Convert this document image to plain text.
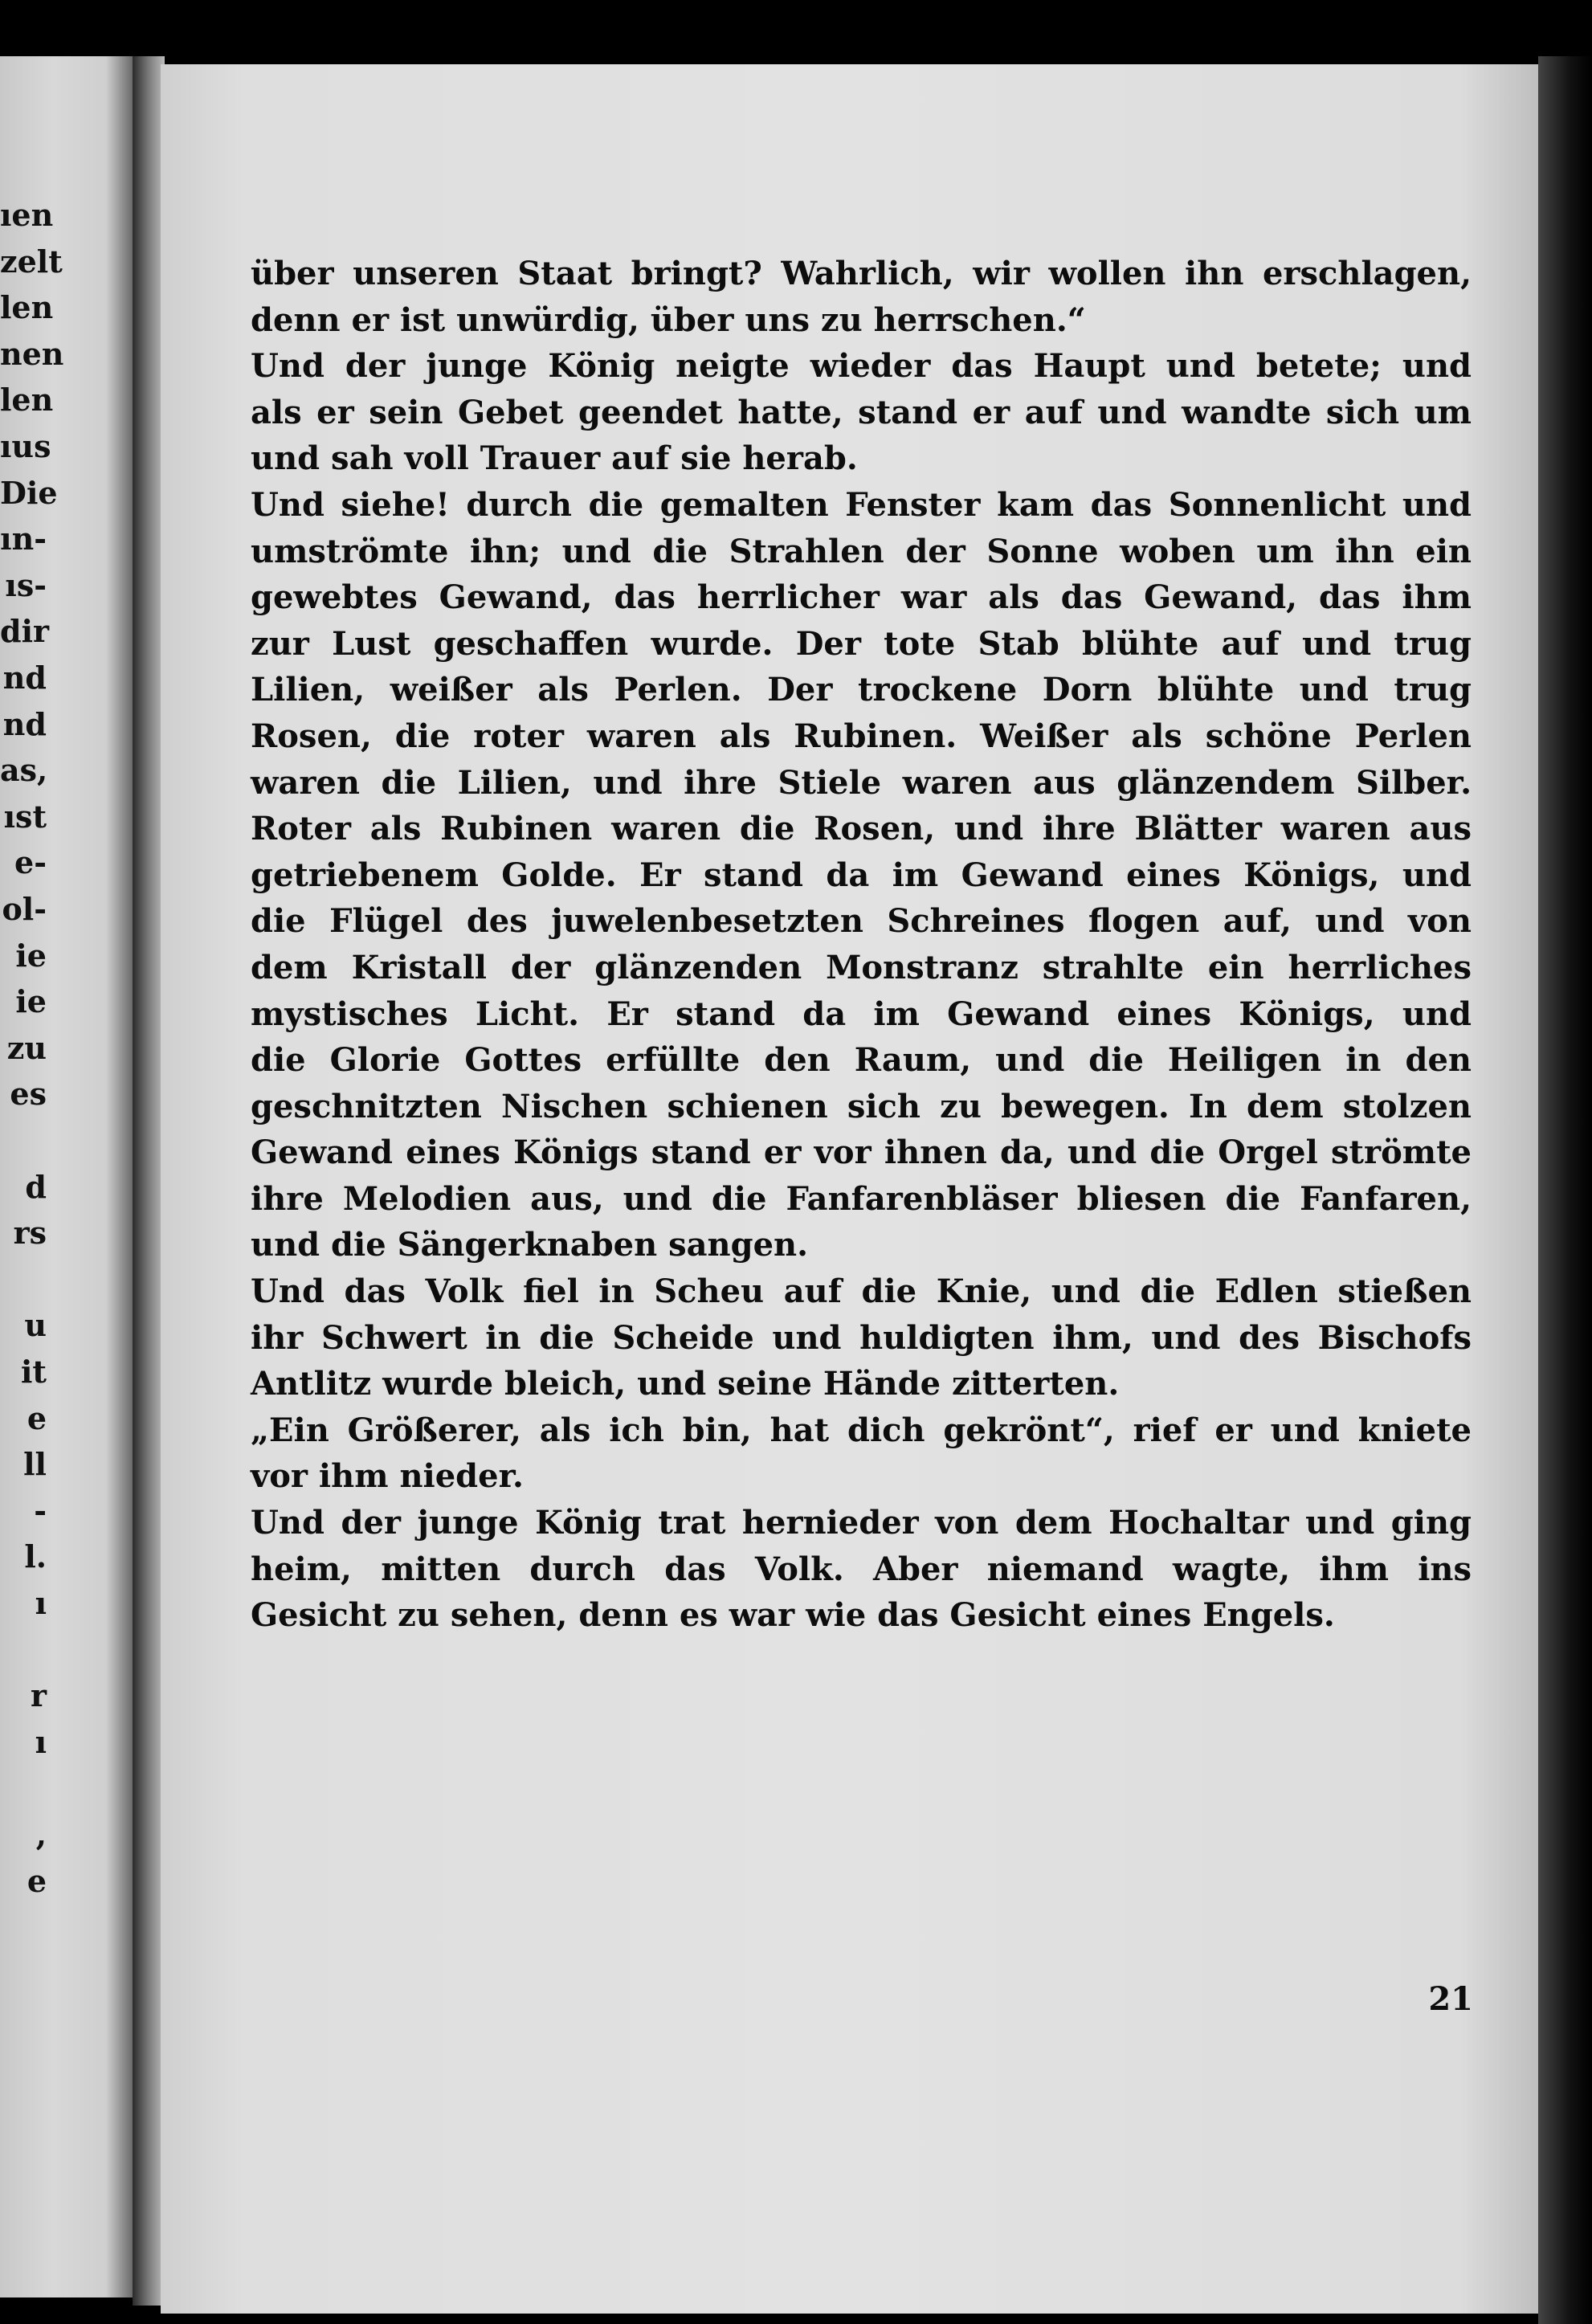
ıen
zelt
len
nen
len
ıus
Die
ın-
ıs-
dir
nd
nd
as,
ıst
e-
ol-
ie
ie
zu
es
d
rs
u
it
e
ll
-
l.
ı
r
ı
,
e
über unseren Staat bringt? Wahrlich, wir wollen ihn erschlagen,
denn er ist unwürdig, über uns zu herrschen.“
Und der junge König neigte wieder das Haupt und betete; und
als er sein Gebet geendet hatte, stand er auf und wandte sich um
und sah voll Trauer auf sie herab.
Und siehe! durch die gemalten Fenster kam das Sonnenlicht und
umströmte ihn; und die Strahlen der Sonne woben um ihn ein
gewebtes Gewand, das herrlicher war als das Gewand, das ihm
zur Lust geschaffen wurde. Der tote Stab blühte auf und trug
Lilien, weißer als Perlen. Der trockene Dorn blühte und trug
Rosen, die roter waren als Rubinen. Weißer als schöne Perlen
waren die Lilien, und ihre Stiele waren aus glänzendem Silber.
Roter als Rubinen waren die Rosen, und ihre Blätter waren aus
getriebenem Golde. Er stand da im Gewand eines Königs, und
die Flügel des juwelenbesetzten Schreines flogen auf, und von
dem Kristall der glänzenden Monstranz strahlte ein herrliches
mystisches Licht. Er stand da im Gewand eines Königs, und
die Glorie Gottes erfüllte den Raum, und die Heiligen in den
geschnitzten Nischen schienen sich zu bewegen. In dem stolzen
Gewand eines Königs stand er vor ihnen da, und die Orgel strömte
ihre Melodien aus, und die Fanfarenbläser bliesen die Fanfaren,
und die Sängerknaben sangen.
Und das Volk fiel in Scheu auf die Knie, und die Edlen stießen
ihr Schwert in die Scheide und huldigten ihm, und des Bischofs
Antlitz wurde bleich, und seine Hände zitterten.
„Ein Größerer, als ich bin, hat dich gekrönt“, rief er und kniete
vor ihm nieder.
Und der junge König trat hernieder von dem Hochaltar und ging
heim, mitten durch das Volk. Aber niemand wagte, ihm ins
Gesicht zu sehen, denn es war wie das Gesicht eines Engels.
21
